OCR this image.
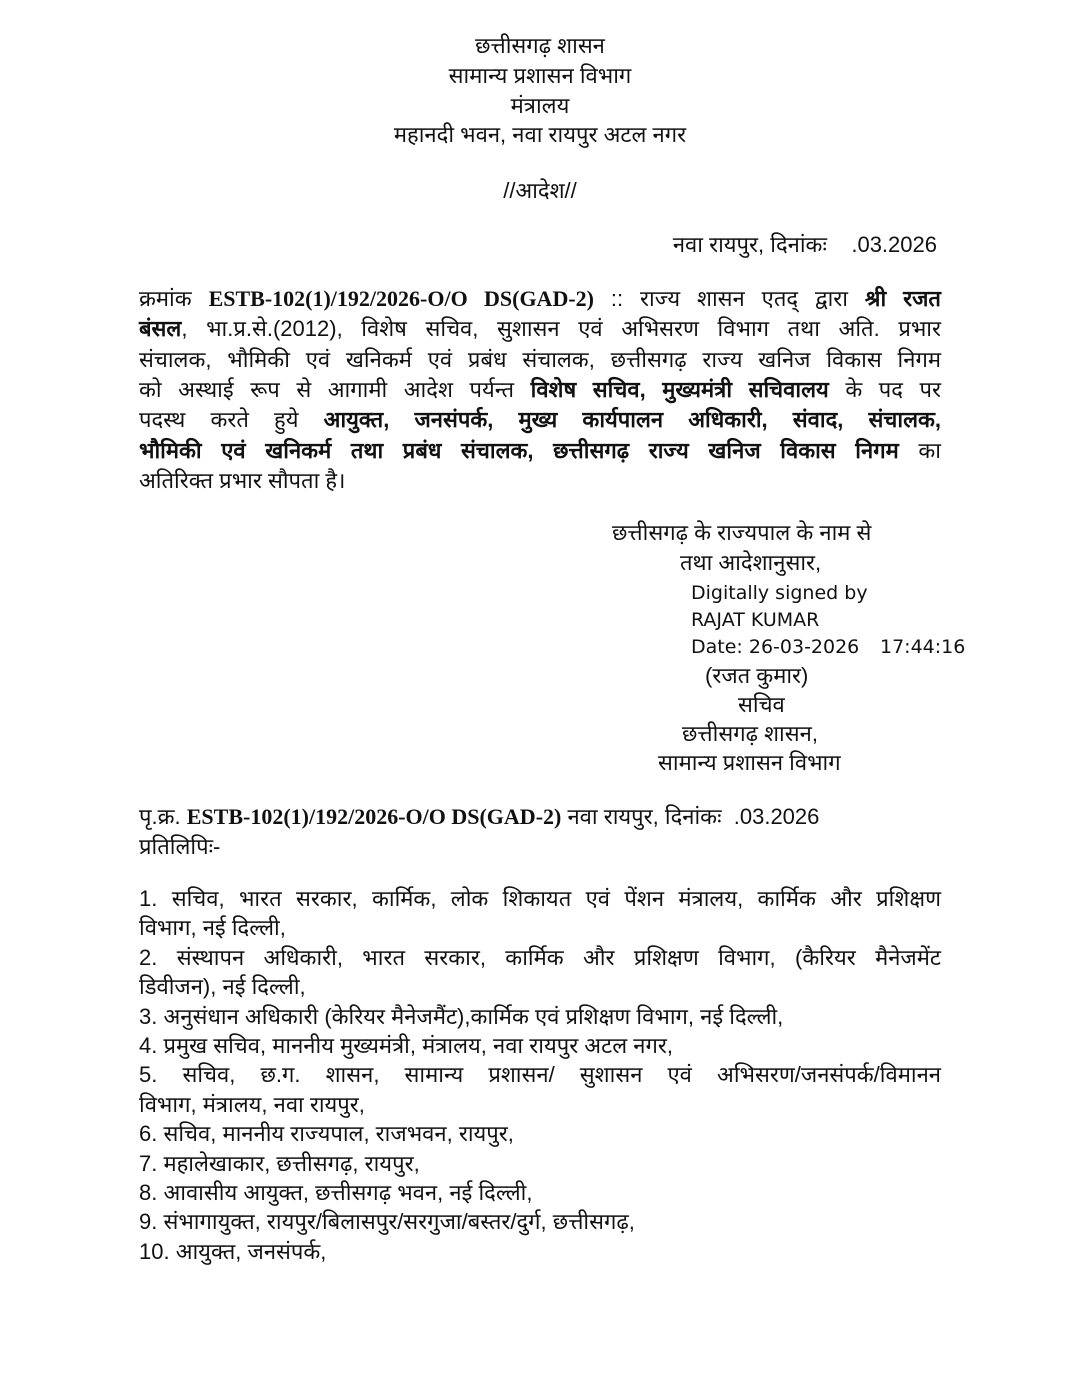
छत्तीसगढ़ शासन
सामान्य प्रशासन विभाग
मंत्रालय
महानदी भवन, नवा रायपुर अटल नगर
//आदेश//
नवा रायपुर, दिनांकः    .03.2026
क्रमांक ESTB-102(1)/192/2026-O/O DS(GAD-2) :: राज्य शासन एतद् द्वारा श्री रजत
बंसल, भा.प्र.से.(2012), विशेष सचिव, सुशासन एवं अभिसरण विभाग तथा अति. प्रभार
संचालक, भौमिकी एवं खनिकर्म एवं प्रबंध संचालक, छत्तीसगढ़ राज्य खनिज विकास निगम
को अस्थाई रूप से आगामी आदेश पर्यन्त विशेष सचिव, मुख्यमंत्री सचिवालय के पद पर
पदस्थ करते हुये आयुक्त, जनसंपर्क, मुख्य कार्यपालन अधिकारी, संवाद, संचालक,
भौमिकी एवं खनिकर्म तथा प्रबंध संचालक, छत्तीसगढ़ राज्य खनिज विकास निगम का
अतिरिक्त प्रभार सौपता है।
छत्तीसगढ़ के राज्यपाल के नाम से
तथा आदेशानुसार,
Digitally signed by
RAJAT KUMAR
Date: 26-03-2026 17:44:16
(रजत कुमार)
सचिव
छत्तीसगढ़ शासन,
सामान्य प्रशासन विभाग
पृ.क्र. ESTB-102(1)/192/2026-O/O DS(GAD-2) नवा रायपुर, दिनांकः  .03.2026
प्रतिलिपिः-
1. सचिव, भारत सरकार, कार्मिक, लोक शिकायत एवं पेंशन मंत्रालय, कार्मिक और प्रशिक्षण
विभाग, नई दिल्ली,
2. संस्थापन अधिकारी, भारत सरकार, कार्मिक और प्रशिक्षण विभाग, (कैरियर मैनेजमेंट
डिवीजन), नई दिल्ली,
3. अनुसंधान अधिकारी (केरियर मैनेजमैंट),कार्मिक एवं प्रशिक्षण विभाग, नई दिल्ली,
4. प्रमुख सचिव, माननीय मुख्यमंत्री, मंत्रालय, नवा रायपुर अटल नगर,
5. सचिव, छ.ग. शासन, सामान्य प्रशासन/ सुशासन एवं अभिसरण/जनसंपर्क/विमानन
विभाग, मंत्रालय, नवा रायपुर,
6. सचिव, माननीय राज्यपाल, राजभवन, रायपुर,
7. महालेखाकार, छत्तीसगढ़, रायपुर,
8. आवासीय आयुक्त, छत्तीसगढ़ भवन, नई दिल्ली,
9. संभागायुक्त, रायपुर/बिलासपुर/सरगुजा/बस्तर/दुर्ग, छत्तीसगढ़,
10. आयुक्त, जनसंपर्क,
